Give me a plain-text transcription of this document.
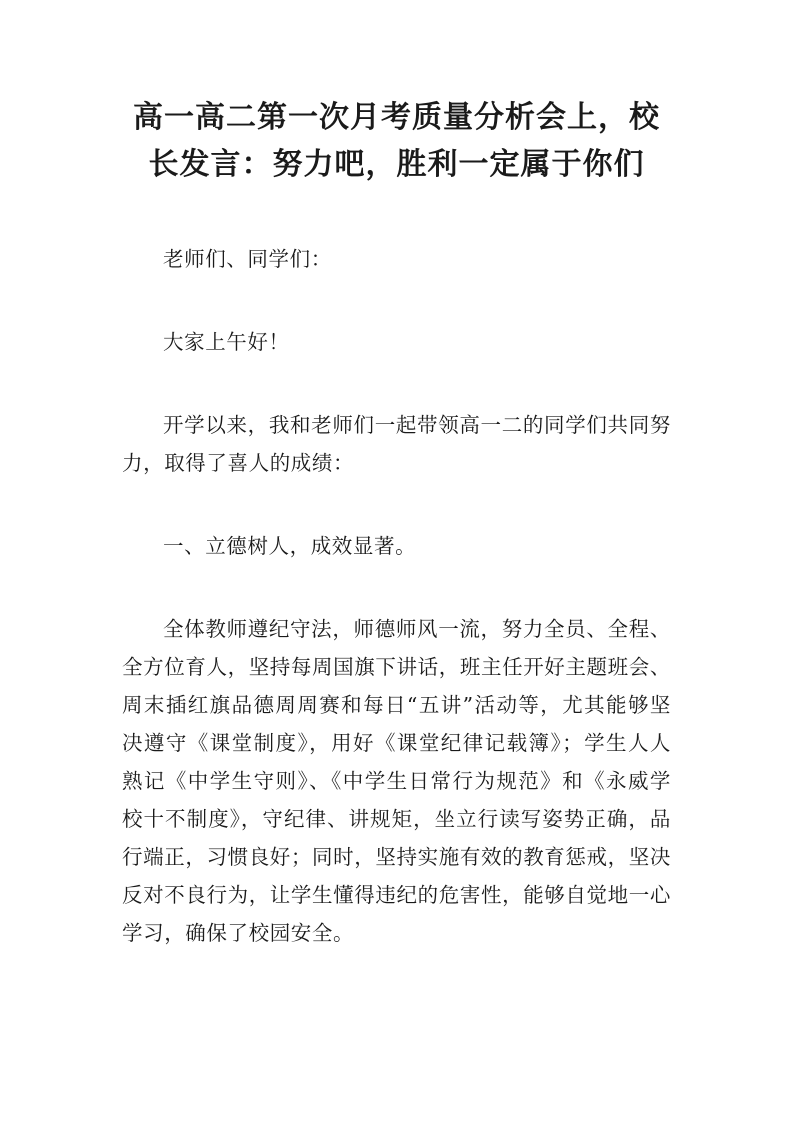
高一高二第一次月考质量分析会上，校长发言：努力吧，胜利一定属于你们

老师们、同学们：

大家上午好！

开学以来，我和老师们一起带领高一二的同学们共同努力，取得了喜人的成绩：

一、立德树人，成效显著。

全体教师遵纪守法，师德师风一流，努力全员、全程、全方位育人，坚持每周国旗下讲话，班主任开好主题班会、周末插红旗品德周周赛和每日“五讲”活动等，尤其能够坚决遵守《课堂制度》，用好《课堂纪律记载簿》；学生人人熟记《中学生守则》、《中学生日常行为规范》和《永威学校十不制度》，守纪律、讲规矩，坐立行读写姿势正确，品行端正，习惯良好；同时，坚持实施有效的教育惩戒，坚决反对不良行为，让学生懂得违纪的危害性，能够自觉地一心学习，确保了校园安全。
